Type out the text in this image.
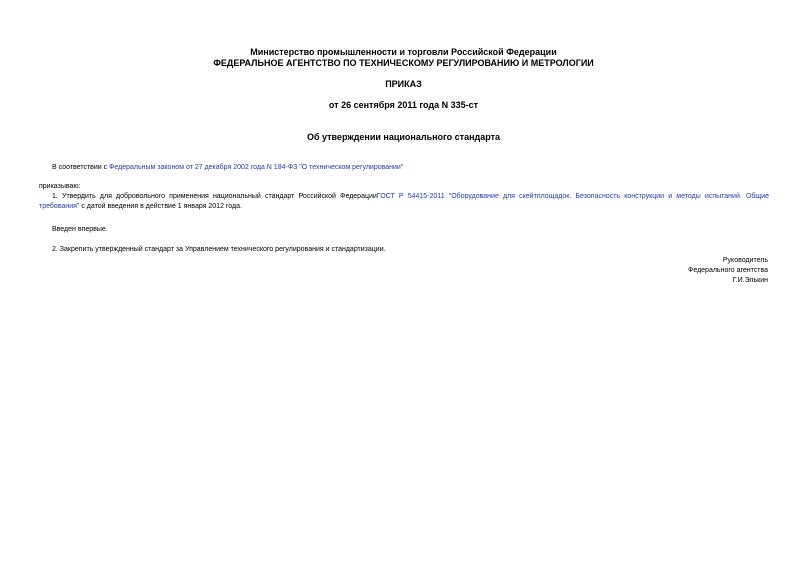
Министерство промышленности и торговли Российской Федерации
ФЕДЕРАЛЬНОЕ АГЕНТСТВО ПО ТЕХНИЧЕСКОМУ РЕГУЛИРОВАНИЮ И МЕТРОЛОГИИ
ПРИКАЗ
от 26 сентября 2011 года N 335-ст
Об утверждении национального стандарта
В соответствии с Федеральным законом от 27 декабря 2002 года N 184-ФЗ "О техническом регулировании"
приказываю:
1. Утвердить для добровольного применения национальный стандарт Российской ФедерацииГОСТ Р 54415-2011 "Оборудование для скейтплощадок. Безопасность конструкции и методы испытаний. Общие требования" с датой введения в действие 1 января 2012 года.
Введен впервые.
2. Закрепить утвержденный стандарт за Управлением технического регулирования и стандартизации.
Руководитель
Федерального агентства
Г.И.Элькин
